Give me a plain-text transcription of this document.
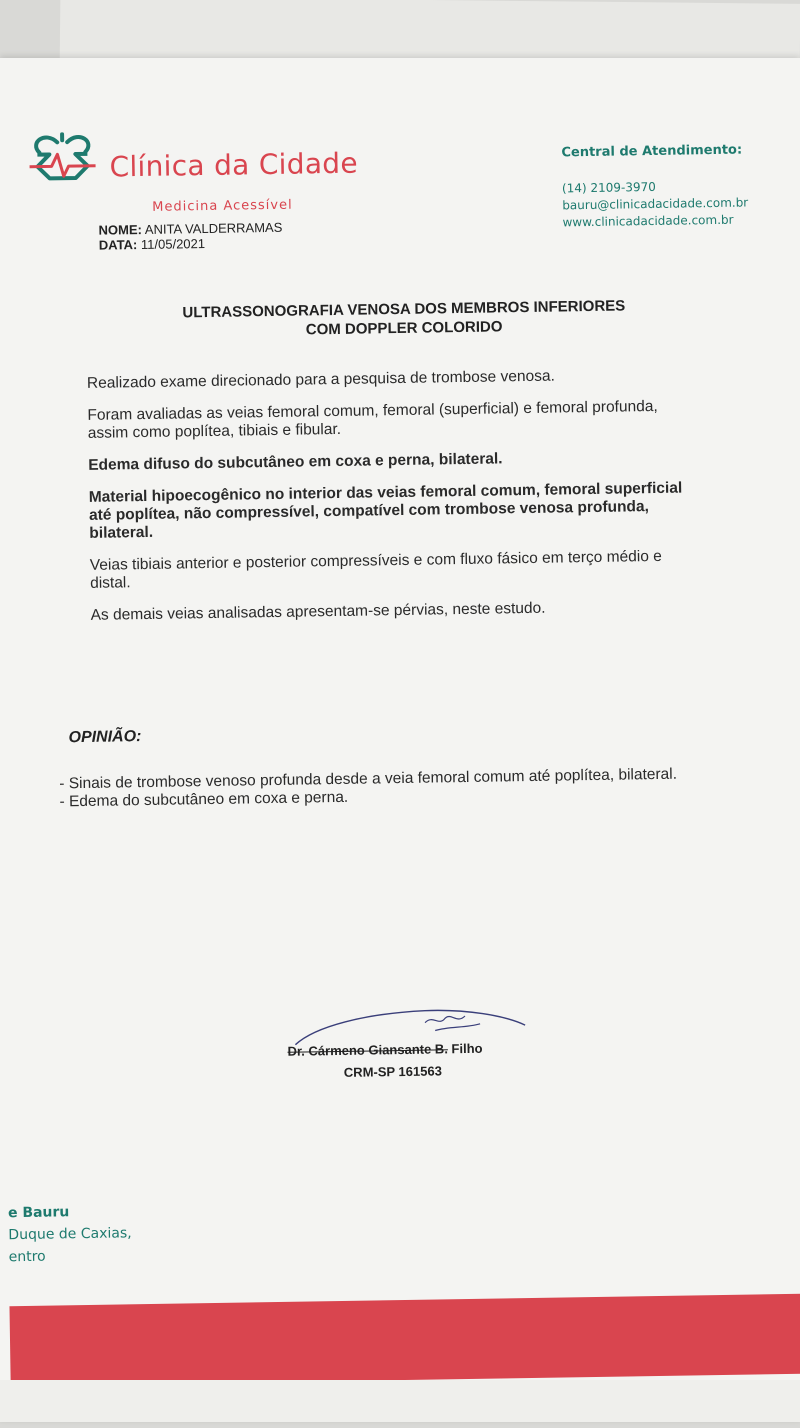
Clínica da Cidade
Medicina Acessível
Central de Atendimento:
(14) 2109-3970
bauru@clinicadacidade.com.br
www.clinicadacidade.com.br
NOME: ANITA VALDERRAMAS
DATA: 11/05/2021
ULTRASSONOGRAFIA VENOSA DOS MEMBROS INFERIORES
COM DOPPLER COLORIDO

Realizado exame direcionado para a pesquisa de trombose venosa.

Foram avaliadas as veias femoral comum, femoral (superficial) e femoral profunda, assim como poplítea, tibiais e fibular.

Edema difuso do subcutâneo em coxa e perna, bilateral.

Material hipoecogênico no interior das veias femoral comum, femoral superficial até poplítea, não compressível, compatível com trombose venosa profunda, bilateral.

Veias tibiais anterior e posterior compressíveis e com fluxo fásico em terço médio e distal.

As demais veias analisadas apresentam-se pérvias, neste estudo.

OPINIÃO:
- Sinais de trombose venoso profunda desde a veia femoral comum até poplítea, bilateral.
- Edema do subcutâneo em coxa e perna.
Dr. Cármeno Giansante B. Filho
CRM-SP 161563
e Bauru
Duque de Caxias,
entro
